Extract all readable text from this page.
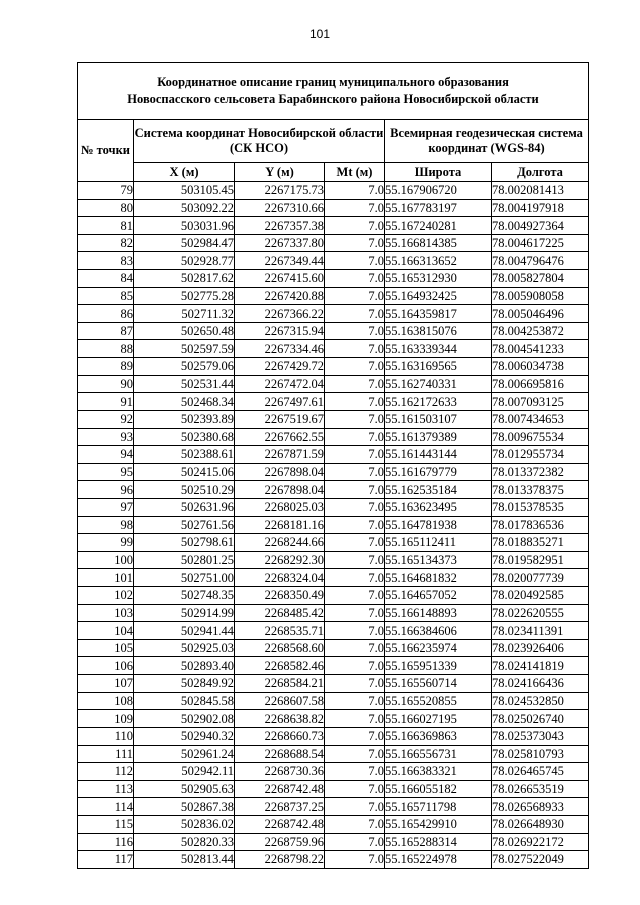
101
Координатное описание границ муниципального образования
Новоспасского сельсовета Барабинского района Новосибирской области					

№ точки	Система координат Новосибирской области (СК НСО)			Всемирная геодезическая система координат (WGS-84)	
	X (м)	Y (м)	Mt (м)	Широта	Долгота
79	503105.45	2267175.73	7.0	55.167906720	78.002081413
80	503092.22	2267310.66	7.0	55.167783197	78.004197918
81	503031.96	2267357.38	7.0	55.167240281	78.004927364
82	502984.47	2267337.80	7.0	55.166814385	78.004617225
83	502928.77	2267349.44	7.0	55.166313652	78.004796476
84	502817.62	2267415.60	7.0	55.165312930	78.005827804
85	502775.28	2267420.88	7.0	55.164932425	78.005908058
86	502711.32	2267366.22	7.0	55.164359817	78.005046496
87	502650.48	2267315.94	7.0	55.163815076	78.004253872
88	502597.59	2267334.46	7.0	55.163339344	78.004541233
89	502579.06	2267429.72	7.0	55.163169565	78.006034738
90	502531.44	2267472.04	7.0	55.162740331	78.006695816
91	502468.34	2267497.61	7.0	55.162172633	78.007093125
92	502393.89	2267519.67	7.0	55.161503107	78.007434653
93	502380.68	2267662.55	7.0	55.161379389	78.009675534
94	502388.61	2267871.59	7.0	55.161443144	78.012955734
95	502415.06	2267898.04	7.0	55.161679779	78.013372382
96	502510.29	2267898.04	7.0	55.162535184	78.013378375
97	502631.96	2268025.03	7.0	55.163623495	78.015378535
98	502761.56	2268181.16	7.0	55.164781938	78.017836536
99	502798.61	2268244.66	7.0	55.165112411	78.018835271
100	502801.25	2268292.30	7.0	55.165134373	78.019582951
101	502751.00	2268324.04	7.0	55.164681832	78.020077739
102	502748.35	2268350.49	7.0	55.164657052	78.020492585
103	502914.99	2268485.42	7.0	55.166148893	78.022620555
104	502941.44	2268535.71	7.0	55.166384606	78.023411391
105	502925.03	2268568.60	7.0	55.166235974	78.023926406
106	502893.40	2268582.46	7.0	55.165951339	78.024141819
107	502849.92	2268584.21	7.0	55.165560714	78.024166436
108	502845.58	2268607.58	7.0	55.165520855	78.024532850
109	502902.08	2268638.82	7.0	55.166027195	78.025026740
110	502940.32	2268660.73	7.0	55.166369863	78.025373043
111	502961.24	2268688.54	7.0	55.166556731	78.025810793
112	502942.11	2268730.36	7.0	55.166383321	78.026465745
113	502905.63	2268742.48	7.0	55.166055182	78.026653519
114	502867.38	2268737.25	7.0	55.165711798	78.026568933
115	502836.02	2268742.48	7.0	55.165429910	78.026648930
116	502820.33	2268759.96	7.0	55.165288314	78.026922172
117	502813.44	2268798.22	7.0	55.165224978	78.027522049
